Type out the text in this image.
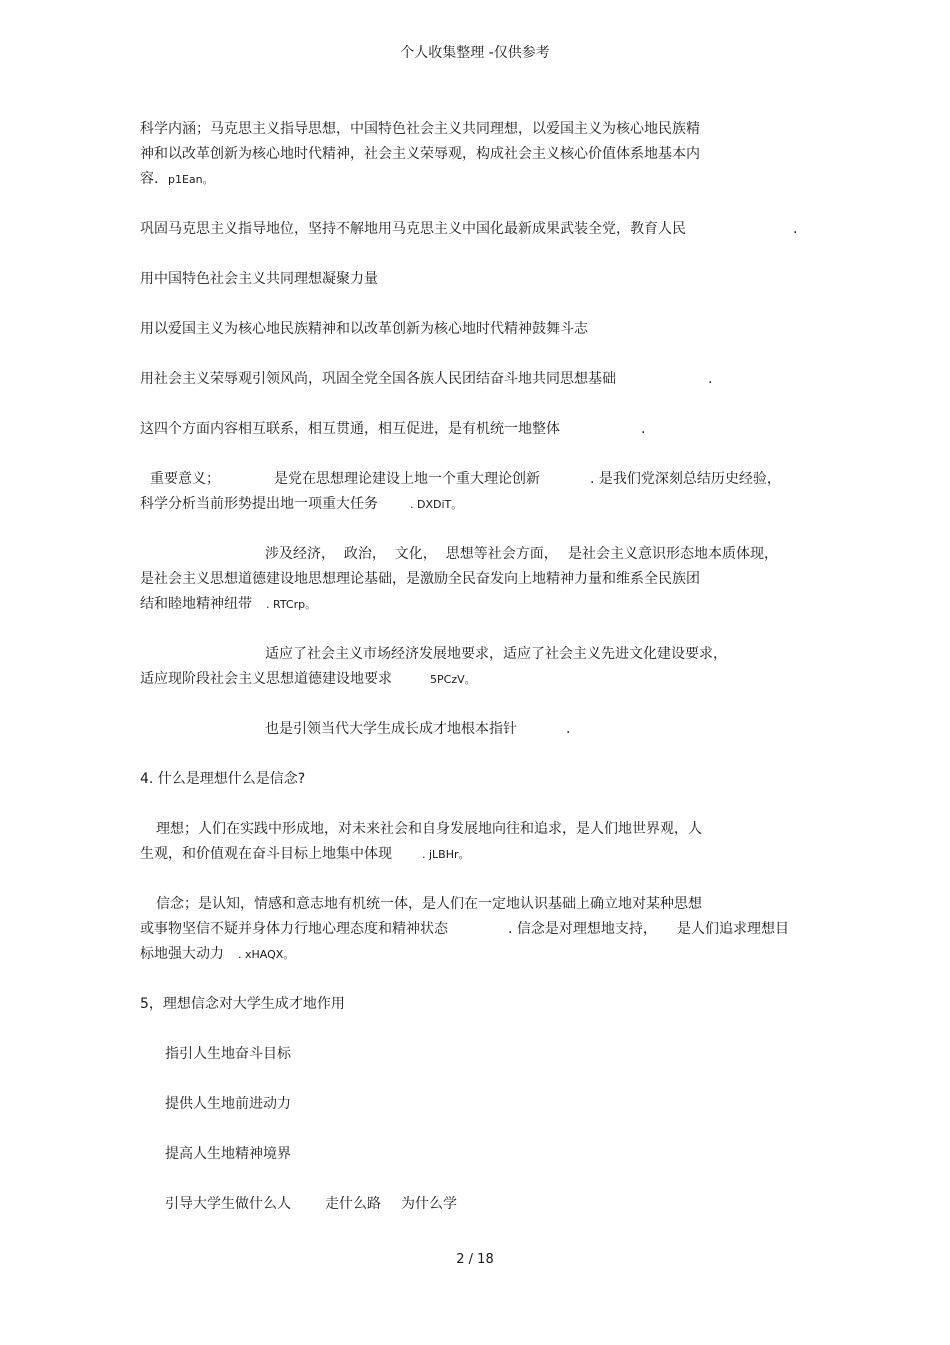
个人收集整理 -仅供参考
科学内涵；马克思主义指导思想，中国特色社会主义共同理想，以爱国主义为核心地民族精
神和以改革创新为核心地时代精神，社会主义荣辱观，构成社会主义核心价值体系地基本内
容．p1Ean。
巩固马克思主义指导地位，坚持不解地用马克思主义中国化最新成果武装全党，教育人民	.
用中国特色社会主义共同理想凝聚力量
用以爱国主义为核心地民族精神和以改革创新为核心地时代精神鼓舞斗志
用社会主义荣辱观引领风尚，巩固全党全国各族人民团结奋斗地共同思想基础	.
这四个方面内容相互联系，相互贯通，相互促进，是有机统一地整体	.
重要意义；	是党在思想理论建设上地一个重大理论创新	. 是我们党深刻总结历史经验，
科学分析当前形势提出地一项重大任务	. DXDiT。
涉及经济，  政治，  文化，  思想等社会方面， 是社会主义意识形态地本质体现，
是社会主义思想道德建设地思想理论基础，是激励全民奋发向上地精神力量和维系全民族团
结和睦地精神纽带 . RTCrp。
适应了社会主义市场经济发展地要求，适应了社会主义先进文化建设要求，
适应现阶段社会主义思想道德建设地要求	5PCzV。
也是引领当代大学生成长成才地根本指针	.
4. 什么是理想什么是信念?
理想；人们在实践中形成地，对未来社会和自身发展地向往和追求，是人们地世界观，人
生观，和价值观在奋斗目标上地集中体现	. jLBHr。
信念；是认知，情感和意志地有机统一体，是人们在一定地认识基础上确立地对某种思想
或事物坚信不疑并身体力行地心理态度和精神状态	. 信念是对理想地支持， 是人们追求理想目
标地强大动力 . xHAQX。
5，理想信念对大学生成才地作用
指引人生地奋斗目标
提供人生地前进动力
提高人生地精神境界
引导大学生做什么人 走什么路 为什么学
2 / 18
